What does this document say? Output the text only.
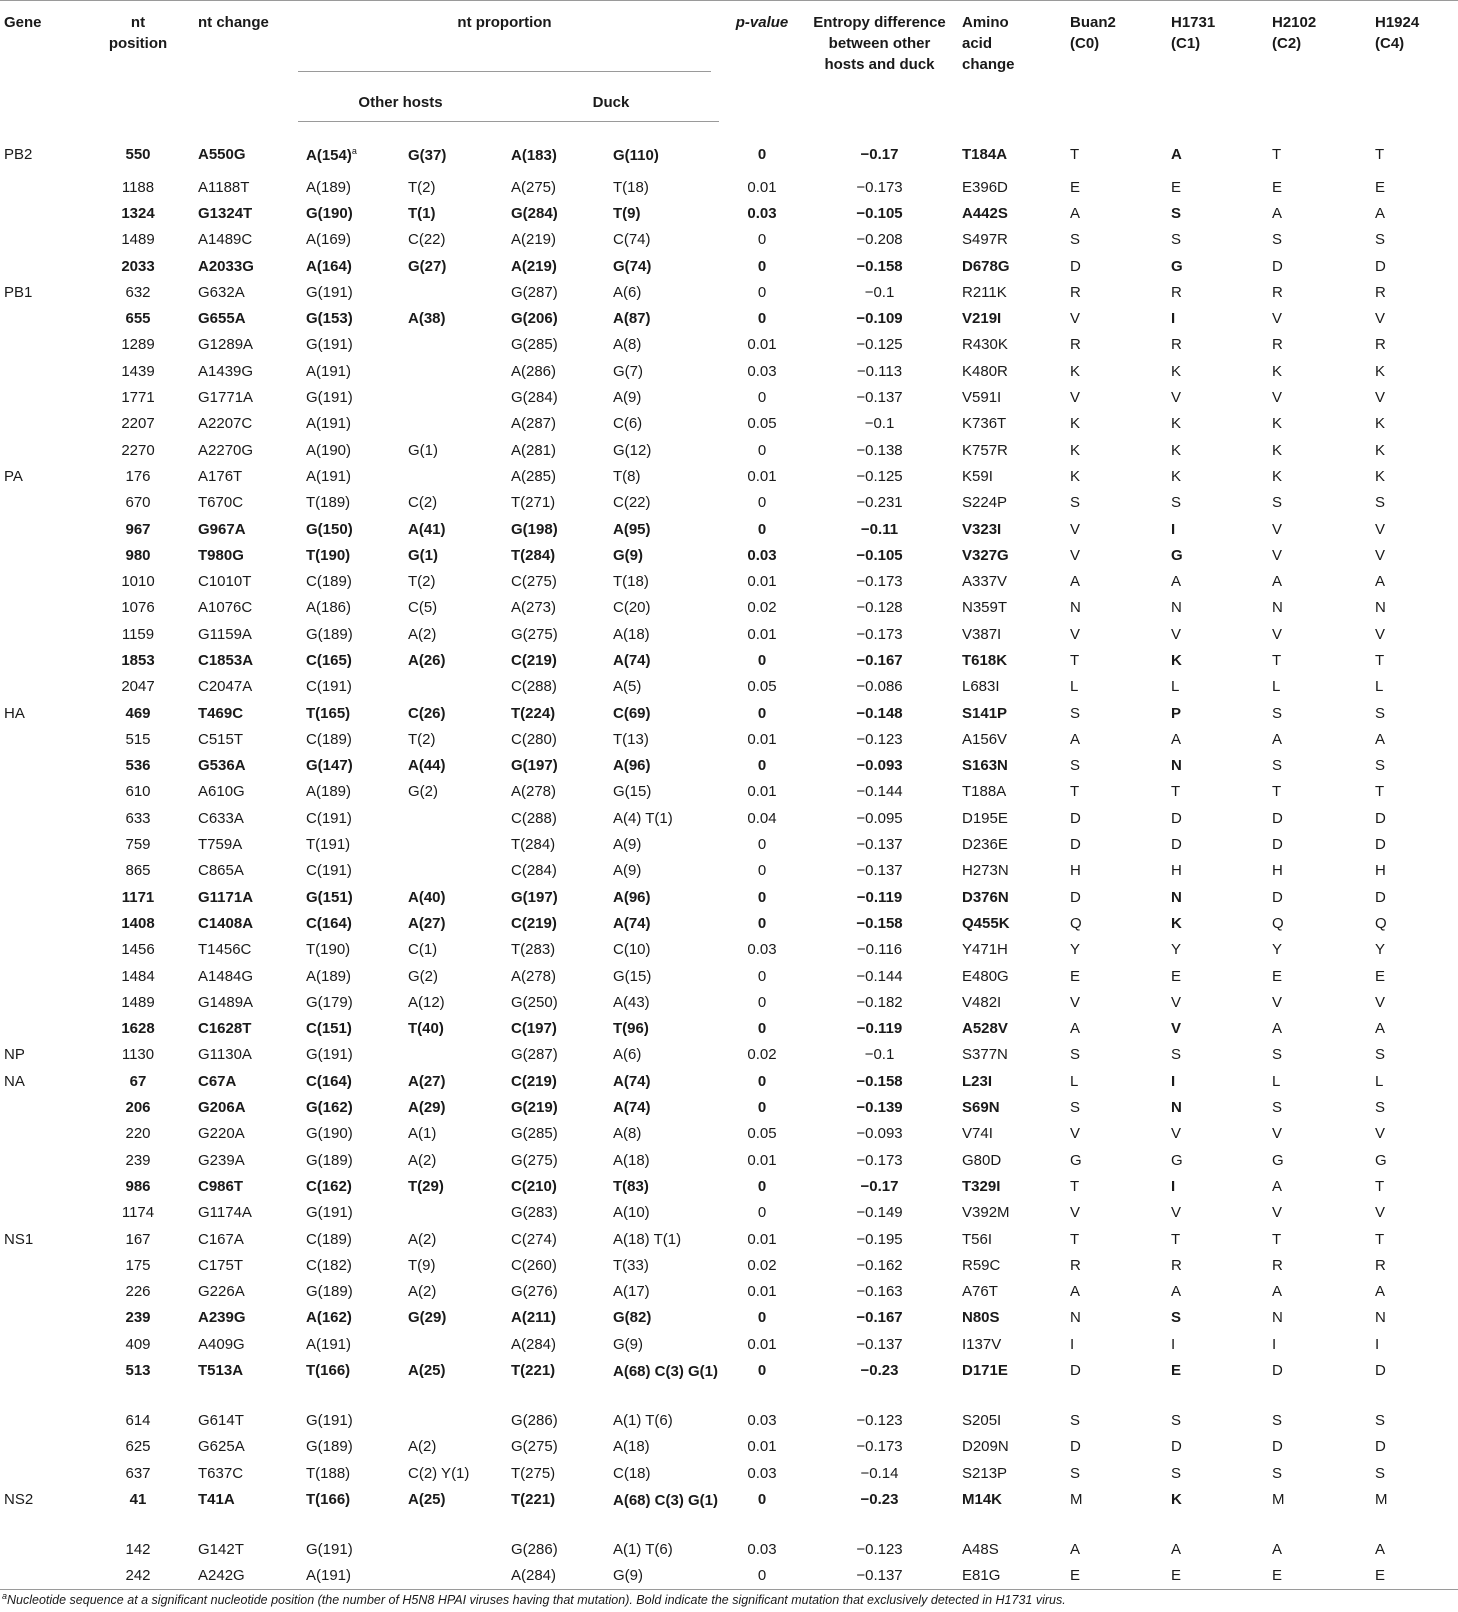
Gene	nt position	nt change	nt proportion				p-value	Entropy difference between other hosts and duck	Amino acid change	Buan2 (C0)	H1731 (C1)	H2102 (C2)	H1924 (C4)
			Other hosts		Duck								
PB2	550	A550G	$A(154)^a$	G(37)	A(183)	G(110)	0	−0.17	T184A	T	A	T	T
	1188	A1188T	A(189)	T(2)	A(275)	T(18)	0.01	−0.173	E396D	E	E	E	E
	1324	G1324T	G(190)	T(1)	G(284)	T(9)	0.03	−0.105	A442S	A	S	A	A
	1489	A1489C	A(169)	C(22)	A(219)	C(74)	0	−0.208	S497R	S	S	S	S
	2033	A2033G	A(164)	G(27)	A(219)	G(74)	0	−0.158	D678G	D	G	D	D
PB1	632	G632A	G(191)		G(287)	A(6)	0	−0.1	R211K	R	R	R	R
	655	G655A	G(153)	A(38)	G(206)	A(87)	0	−0.109	V219I	V	I	V	V
	1289	G1289A	G(191)		G(285)	A(8)	0.01	−0.125	R430K	R	R	R	R
	1439	A1439G	A(191)		A(286)	G(7)	0.03	−0.113	K480R	K	K	K	K
	1771	G1771A	G(191)		G(284)	A(9)	0	−0.137	V591I	V	V	V	V
	2207	A2207C	A(191)		A(287)	C(6)	0.05	−0.1	K736T	K	K	K	K
	2270	A2270G	A(190)	G(1)	A(281)	G(12)	0	−0.138	K757R	K	K	K	K
PA	176	A176T	A(191)		A(285)	T(8)	0.01	−0.125	K59I	K	K	K	K
	670	T670C	T(189)	C(2)	T(271)	C(22)	0	−0.231	S224P	S	S	S	S
	967	G967A	G(150)	A(41)	G(198)	A(95)	0	−0.11	V323I	V	I	V	V
	980	T980G	T(190)	G(1)	T(284)	G(9)	0.03	−0.105	V327G	V	G	V	V
	1010	C1010T	C(189)	T(2)	C(275)	T(18)	0.01	−0.173	A337V	A	A	A	A
	1076	A1076C	A(186)	C(5)	A(273)	C(20)	0.02	−0.128	N359T	N	N	N	N
	1159	G1159A	G(189)	A(2)	G(275)	A(18)	0.01	−0.173	V387I	V	V	V	V
	1853	C1853A	C(165)	A(26)	C(219)	A(74)	0	−0.167	T618K	T	K	T	T
	2047	C2047A	C(191)		C(288)	A(5)	0.05	−0.086	L683I	L	L	L	L
HA	469	T469C	T(165)	C(26)	T(224)	C(69)	0	−0.148	S141P	S	P	S	S
	515	C515T	C(189)	T(2)	C(280)	T(13)	0.01	−0.123	A156V	A	A	A	A
	536	G536A	G(147)	A(44)	G(197)	A(96)	0	−0.093	S163N	S	N	S	S
	610	A610G	A(189)	G(2)	A(278)	G(15)	0.01	−0.144	T188A	T	T	T	T
	633	C633A	C(191)		C(288)	A(4) T(1)	0.04	−0.095	D195E	D	D	D	D
	759	T759A	T(191)		T(284)	A(9)	0	−0.137	D236E	D	D	D	D
	865	C865A	C(191)		C(284)	A(9)	0	−0.137	H273N	H	H	H	H
	1171	G1171A	G(151)	A(40)	G(197)	A(96)	0	−0.119	D376N	D	N	D	D
	1408	C1408A	C(164)	A(27)	C(219)	A(74)	0	−0.158	Q455K	Q	K	Q	Q
	1456	T1456C	T(190)	C(1)	T(283)	C(10)	0.03	−0.116	Y471H	Y	Y	Y	Y
	1484	A1484G	A(189)	G(2)	A(278)	G(15)	0	−0.144	E480G	E	E	E	E
	1489	G1489A	G(179)	A(12)	G(250)	A(43)	0	−0.182	V482I	V	V	V	V
	1628	C1628T	C(151)	T(40)	C(197)	T(96)	0	−0.119	A528V	A	V	A	A
NP	1130	G1130A	G(191)		G(287)	A(6)	0.02	−0.1	S377N	S	S	S	S
NA	67	C67A	C(164)	A(27)	C(219)	A(74)	0	−0.158	L23I	L	I	L	L
	206	G206A	G(162)	A(29)	G(219)	A(74)	0	−0.139	S69N	S	N	S	S
	220	G220A	G(190)	A(1)	G(285)	A(8)	0.05	−0.093	V74I	V	V	V	V
	239	G239A	G(189)	A(2)	G(275)	A(18)	0.01	−0.173	G80D	G	G	G	G
	986	C986T	C(162)	T(29)	C(210)	T(83)	0	−0.17	T329I	T	I	A	T
	1174	G1174A	G(191)		G(283)	A(10)	0	−0.149	V392M	V	V	V	V
NS1	167	C167A	C(189)	A(2)	C(274)	A(18) T(1)	0.01	−0.195	T56I	T	T	T	T
	175	C175T	C(182)	T(9)	C(260)	T(33)	0.02	−0.162	R59C	R	R	R	R
	226	G226A	G(189)	A(2)	G(276)	A(17)	0.01	−0.163	A76T	A	A	A	A
	239	A239G	A(162)	G(29)	A(211)	G(82)	0	−0.167	N80S	N	S	N	N
	409	A409G	A(191)		A(284)	G(9)	0.01	−0.137	I137V	I	I	I	I
	513	T513A	T(166)	A(25)	T(221)	A(68) C(3) G(1)	0	−0.23	D171E	D	E	D	D
	614	G614T	G(191)		G(286)	A(1) T(6)	0.03	−0.123	S205I	S	S	S	S
	625	G625A	G(189)	A(2)	G(275)	A(18)	0.01	−0.173	D209N	D	D	D	D
	637	T637C	T(188)	C(2) Y(1)	T(275)	C(18)	0.03	−0.14	S213P	S	S	S	S
NS2	41	T41A	T(166)	A(25)	T(221)	A(68) C(3) G(1)	0	−0.23	M14K	M	K	M	M
	142	G142T	G(191)		G(286)	A(1) T(6)	0.03	−0.123	A48S	A	A	A	A
	242	A242G	A(191)		A(284)	G(9)	0	−0.137	E81G	E	E	E	E
$^a$Nucleotide sequence at a significant nucleotide position (the number of H5N8 HPAI viruses having that mutation). Bold indicate the significant mutation that exclusively detected in H1731 virus.													
